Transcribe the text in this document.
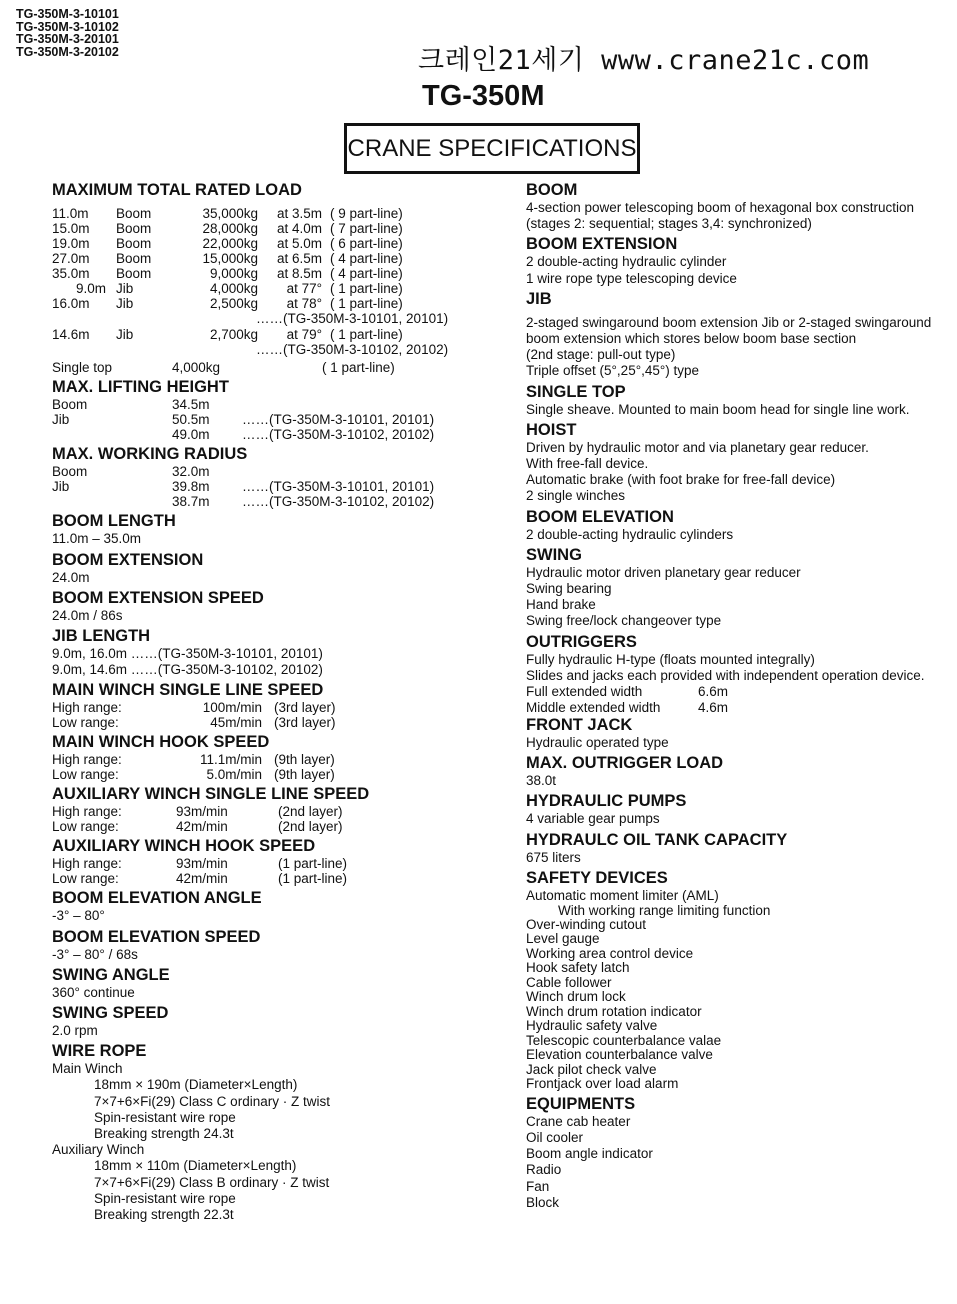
TG-350M-3-10101
TG-350M-3-10102
TG-350M-3-20101
TG-350M-3-20102	크레인21세기 www.crane21c.com
TG-350M
CRANE SPECIFICATIONS
MAXIMUM TOTAL RATED LOAD
11.0m	Boom	35,000kg	at 3.5m ( 9 part-line)
15.0m	Boom	28,000kg	at 4.0m ( 7 part-line)
19.0m	Boom	22,000kg	at 5.0m ( 6 part-line)
27.0m	Boom	15,000kg	at 6.5m ( 4 part-line)
35.0m	Boom	9,000kg	at 8.5m ( 4 part-line)
9.0m Jib	4,000kg	at 77° ( 1 part-line)
16.0m	Jib	2,500kg	at 78° ( 1 part-line)
……(TG-350M-3-10101, 20101)
14.6m	Jib	2,700kg	at 79° ( 1 part-line)
……(TG-350M-3-10102, 20102)
Single top	4,000kg	( 1 part-line)
MAX. LIFTING HEIGHT
Boom	34.5m
Jib	50.5m	……(TG-350M-3-10101, 20101)
49.0m	……(TG-350M-3-10102, 20102)
MAX. WORKING RADIUS
Boom	32.0m
Jib	39.8m	……(TG-350M-3-10101, 20101)
38.7m	……(TG-350M-3-10102, 20102)
BOOM LENGTH
11.0m – 35.0m
BOOM EXTENSION
24.0m
BOOM EXTENSION SPEED
24.0m / 86s
JIB LENGTH
9.0m, 16.0m ……(TG-350M-3-10101, 20101)
9.0m, 14.6m ……(TG-350M-3-10102, 20102)
MAIN WINCH SINGLE LINE SPEED
High range:	100m/min (3rd layer)
Low range:	45m/min (3rd layer)
MAIN WINCH HOOK SPEED
High range:	11.1m/min (9th layer)
Low range:	5.0m/min (9th layer)
AUXILIARY WINCH SINGLE LINE SPEED
High range:	93m/min	(2nd layer)
Low range:	42m/min	(2nd layer)
AUXILIARY WINCH HOOK SPEED
High range:	93m/min	(1 part-line)
Low range:	42m/min	(1 part-line)
BOOM ELEVATION ANGLE
-3° – 80°
BOOM ELEVATION SPEED
-3° – 80° / 68s
SWING ANGLE
360° continue
SWING SPEED
2.0 rpm
WIRE ROPE
Main Winch
18mm × 190m (Diameter×Length)
7×7+6×Fi(29) Class C ordinary · Z twist
Spin-resistant wire rope
Breaking strength 24.3t
Auxiliary Winch
18mm × 110m (Diameter×Length)
7×7+6×Fi(29) Class B ordinary · Z twist
Spin-resistant wire rope
Breaking strength 22.3t
BOOM
4-section power telescoping boom of hexagonal box construction
(stages 2: sequential; stages 3,4: synchronized)
BOOM EXTENSION
2 double-acting hydraulic cylinder
1 wire rope type telescoping device
JIB
2-staged swingaround boom extension Jib or 2-staged swingaround boom extension which stores below boom base section
(2nd stage: pull-out type)
Triple offset (5°,25°,45°) type
SINGLE TOP
Single sheave. Mounted to main boom head for single line work.
HOIST
Driven by hydraulic motor and via planetary gear reducer.
With free-fall device.
Automatic brake (with foot brake for free-fall device)
2 single winches
BOOM ELEVATION
2 double-acting hydraulic cylinders
SWING
Hydraulic motor driven planetary gear reducer
Swing bearing
Hand brake
Swing free/lock changeover type
OUTRIGGERS
Fully hydraulic H-type (floats mounted integrally)
Slides and jacks each provided with independent operation device.
Full extended width	6.6m
Middle extended width	4.6m
FRONT JACK
Hydraulic operated type
MAX. OUTRIGGER LOAD
38.0t
HYDRAULIC PUMPS
4 variable gear pumps
HYDRAULC OIL TANK CAPACITY
675 liters
SAFETY DEVICES
Automatic moment limiter (AML)
With working range limiting function
Over-winding cutout
Level gauge
Working area control device
Hook safety latch
Cable follower
Winch drum lock
Winch drum rotation indicator
Hydraulic safety valve
Telescopic counterbalance valae
Elevation counterbalance valve
Jack pilot check valve
Frontjack over load alarm
EQUIPMENTS
Crane cab heater
Oil cooler
Boom angle indicator
Radio
Fan
Block
